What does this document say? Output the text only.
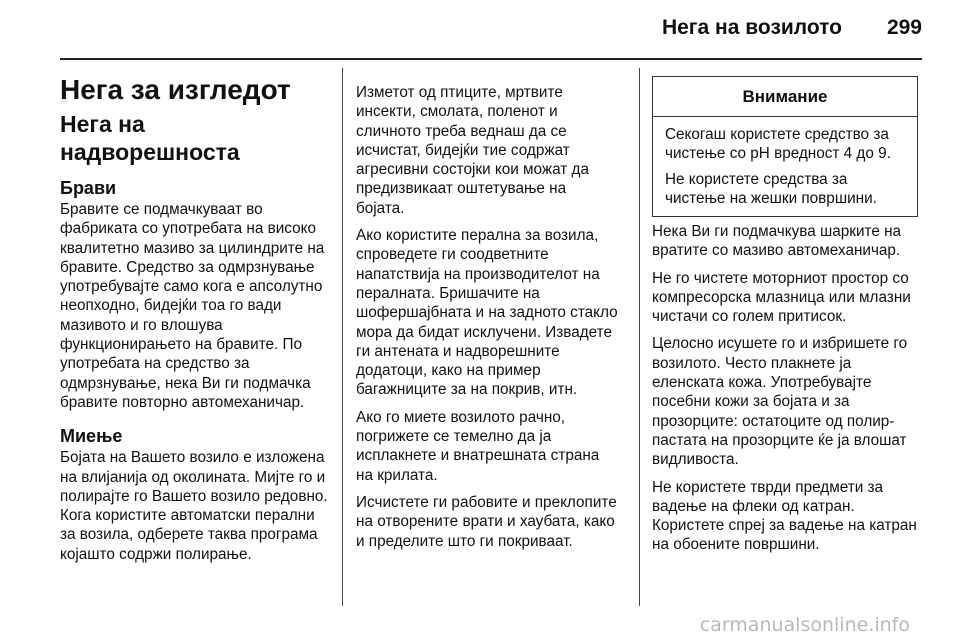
Нега на возилото 299
Нега за изгледот
Нега на надворешноста
Брави

Бравите се подмачкуваат во фабриката со употребата на високо квалитетно мазиво за цилиндрите на бравите. Средство за одмрзнување употребувајте само кога е апсолутно неопходно, бидејќи тоа го вади мазивото и го влошува функционирањето на бравите. По употребата на средство за одмрзнување, нека Ви ги подмачка бравите повторно автомеханичар.

Миење

Бојата на Вашето возило е изложена на влијанија од околината. Мијте го и полирајте го Вашето возило редовно. Кога користите автоматски перални за возила, одберете таква програма којашто содржи полирање.

Изметот од птиците, мртвите инсекти, смолата, поленот и сличното треба веднаш да се исчистат, бидејќи тие содржат агресивни состојки кои можат да предизвикаат оштетување на бојата.

Ако користите перална за возила, спроведете ги соодветните напатствија на производителот на пералната. Бришачите на шофершајбната и на задното стакло мора да бидат исклучени. Извадете ги антената и надворешните додатоци, како на пример багажниците за на покрив, итн.

Ако го миете возилото рачно, погрижете се темелно да ја исплакнете и внатрешната страна на крилата.

Исчистете ги рабовите и преклопите на отворените врати и хаубата, како и пределите што ги покриваат.

Внимание

Секогаш користете средство за чистење со pH вредност 4 до 9.

Не користете средства за чистење на жешки површини.

Нека Ви ги подмачкува шарките на вратите со мазиво автомеханичар.

Не го чистете моторниот простор со компресорска млазница или млазни чистачи со голем притисок.

Целосно исушете го и избришете го возилото. Често плакнете ја еленската кожа. Употребувајте посебни кожи за бојата и за прозорците: остатоците од полир-пастата на прозорците ќе ја влошат видливоста.

Не користете тврди предмети за вадење на флеки од катран. Користете спреј за вадење на катран на обоените површини.

carmanualsonline.info
